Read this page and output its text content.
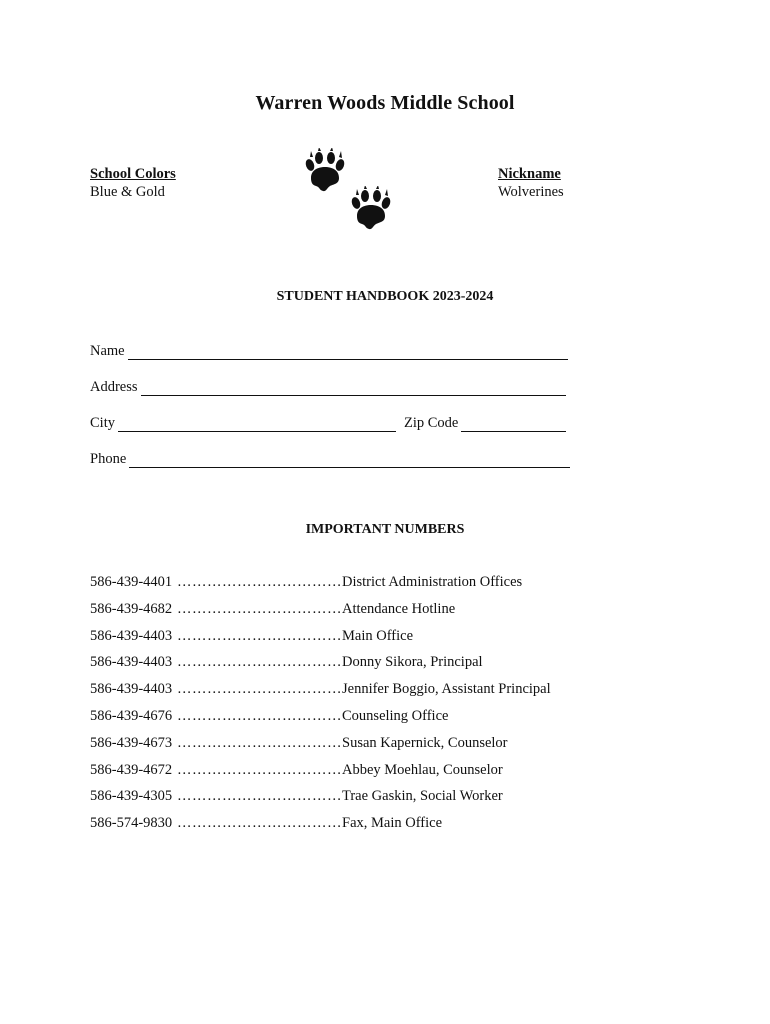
Warren Woods Middle School
School Colors
Blue & Gold
Nickname
Wolverines
STUDENT HANDBOOK 2023-2024
Name
Address
City	Zip Code
Phone
IMPORTANT NUMBERS
586-439-4401 …………………………… District Administration Offices
586-439-4682 …………………………… Attendance Hotline
586-439-4403 …………………………… Main Office
586-439-4403 …………………………… Donny Sikora, Principal
586-439-4403 …………………………… Jennifer Boggio, Assistant Principal
586-439-4676 …………………………… Counseling Office
586-439-4673 …………………………… Susan Kapernick, Counselor
586-439-4672 …………………………… Abbey Moehlau, Counselor
586-439-4305 …………………………… Trae Gaskin, Social Worker
586-574-9830 …………………………… Fax, Main Office
